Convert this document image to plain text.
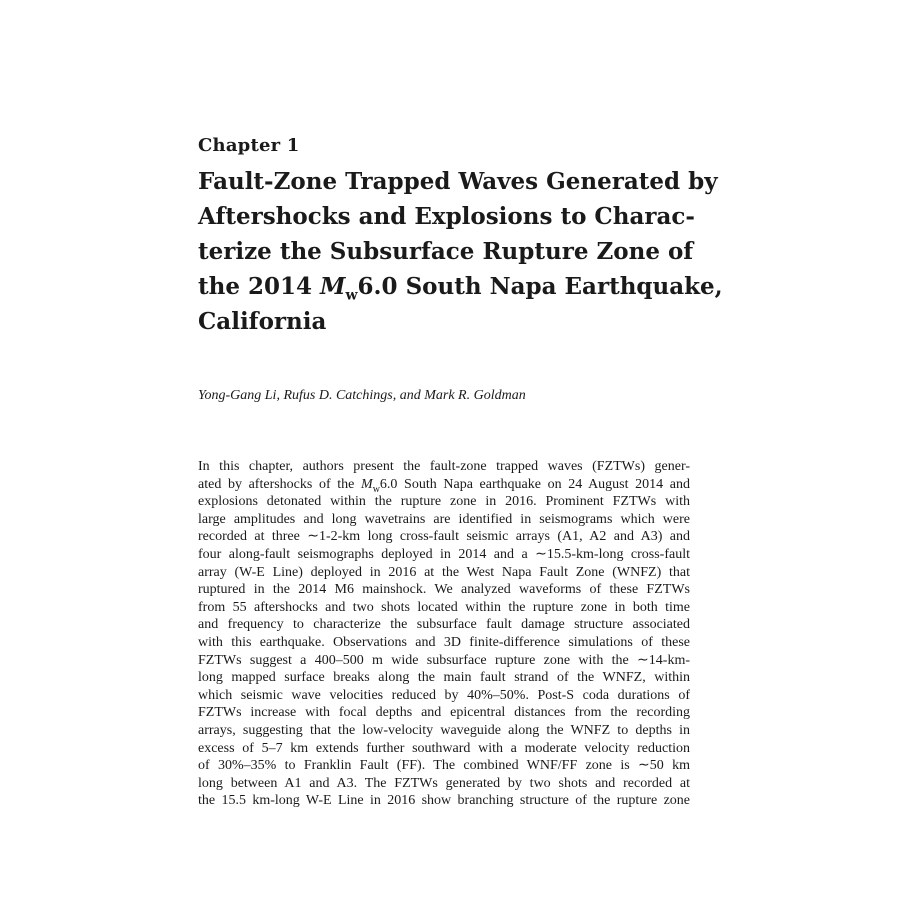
Chapter 1
Fault-Zone Trapped Waves Generated by
Aftershocks and Explosions to Charac-
terize the Subsurface Rupture Zone of
the 2014 $M_w6.0$ South Napa Earthquake,
California
Yong-Gang Li, Rufus D. Catchings, and Mark R. Goldman
In this chapter, authors present the fault-zone trapped waves (FZTWs) gener-
ated by aftershocks of the $M_w6.0$ South Napa earthquake on 24 August 2014 and
explosions detonated within the rupture zone in 2016. Prominent FZTWs with
large amplitudes and long wavetrains are identified in seismograms which were
recorded at three ∼1-2-km long cross-fault seismic arrays (A1, A2 and A3) and
four along-fault seismographs deployed in 2014 and a ∼15.5-km-long cross-fault
array (W-E Line) deployed in 2016 at the West Napa Fault Zone (WNFZ) that
ruptured in the 2014 M6 mainshock. We analyzed waveforms of these FZTWs
from 55 aftershocks and two shots located within the rupture zone in both time
and frequency to characterize the subsurface fault damage structure associated
with this earthquake. Observations and 3D finite-difference simulations of these
FZTWs suggest a 400–500 m wide subsurface rupture zone with the ∼14-km-
long mapped surface breaks along the main fault strand of the WNFZ, within
which seismic wave velocities reduced by 40%–50%. Post-S coda durations of
FZTWs increase with focal depths and epicentral distances from the recording
arrays, suggesting that the low-velocity waveguide along the WNFZ to depths in
excess of 5–7 km extends further southward with a moderate velocity reduction
of 30%–35% to Franklin Fault (FF). The combined WNF/FF zone is ∼50 km
long between A1 and A3. The FZTWs generated by two shots and recorded at
the 15.5 km-long W-E Line in 2016 show branching structure of the rupture zone
